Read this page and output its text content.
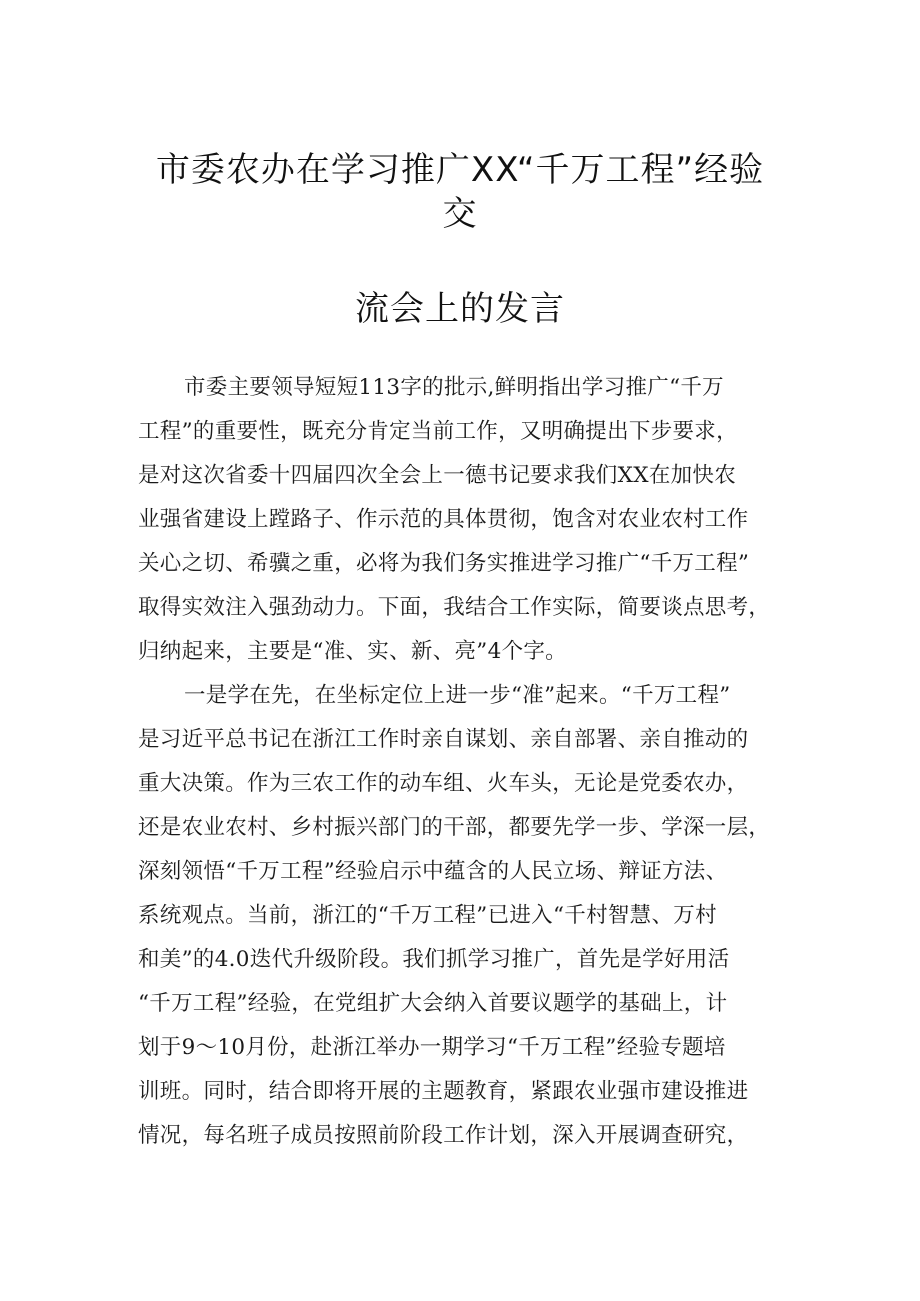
市委农办在学习推广XX“千万工程”经验
交
流会上的发言
市委主要领导短短113字的批示,鲜明指出学习推广“千万
工程”的重要性，既充分肯定当前工作，又明确提出下步要求，
是对这次省委十四届四次全会上一德书记要求我们XX在加快农
业强省建设上蹚路子、作示范的具体贯彻，饱含对农业农村工作
关心之切、希骥之重，必将为我们务实推进学习推广“千万工程”
取得实效注入强劲动力。下面，我结合工作实际，简要谈点思考，
归纳起来，主要是“准、实、新、亮”4个字。
一是学在先，在坐标定位上进一步“准”起来。“千万工程”
是习近平总书记在浙江工作时亲自谋划、亲自部署、亲自推动的
重大决策。作为三农工作的动车组、火车头，无论是党委农办，
还是农业农村、乡村振兴部门的干部，都要先学一步、学深一层，
深刻领悟“千万工程”经验启示中蕴含的人民立场、辩证方法、
系统观点。当前，浙江的“千万工程”已进入“千村智慧、万村
和美”的4.0迭代升级阶段。我们抓学习推广，首先是学好用活
“千万工程”经验，在党组扩大会纳入首要议题学的基础上，计
划于9～10月份，赴浙江举办一期学习“千万工程”经验专题培
训班。同时，结合即将开展的主题教育，紧跟农业强市建设推进
情况，每名班子成员按照前阶段工作计划，深入开展调查研究，
